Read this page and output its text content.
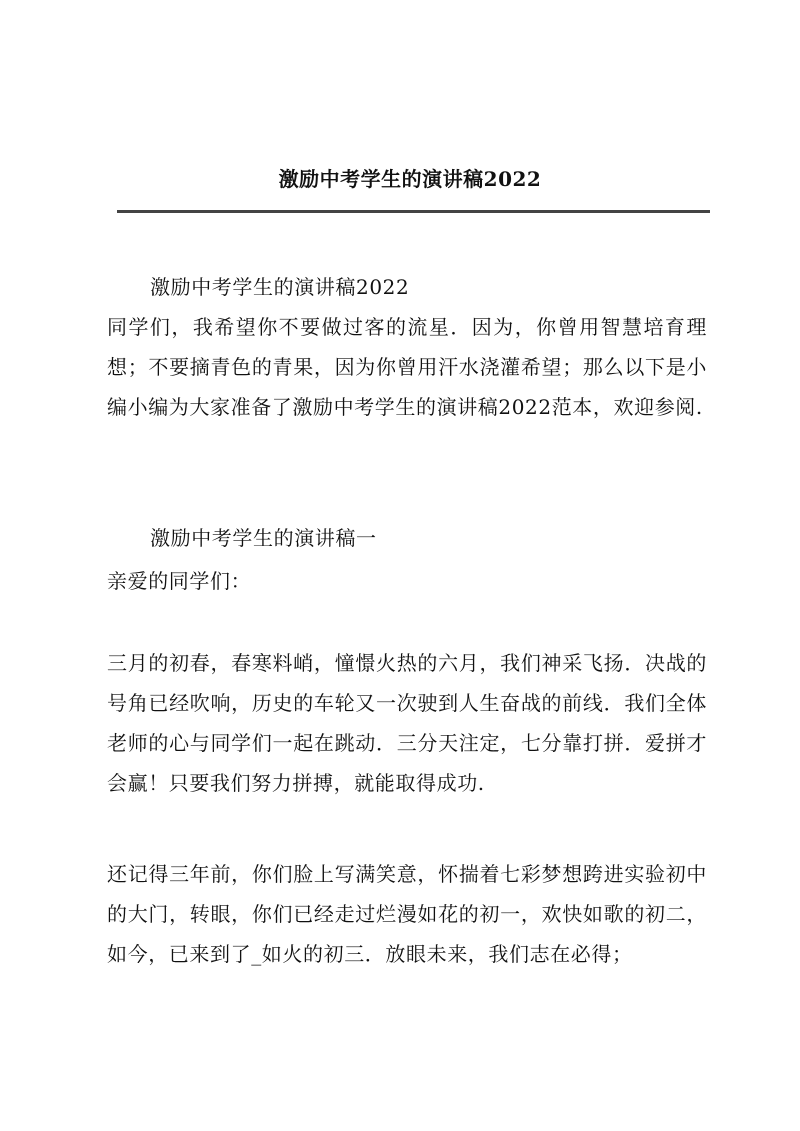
激励中考学生的演讲稿2022

激励中考学生的演讲稿2022

同学们，我希望你不要做过客的流星．因为，你曾用智慧培育理想；不要摘青色的青果，因为你曾用汗水浇灌希望；那么以下是小编小编为大家准备了激励中考学生的演讲稿2022范本，欢迎参阅.

激励中考学生的演讲稿一

亲爱的同学们：

三月的初春，春寒料峭，憧憬火热的六月，我们神采飞扬．决战的号角已经吹响，历史的车轮又一次驶到人生奋战的前线．我们全体老师的心与同学们一起在跳动．三分天注定，七分靠打拼．爱拼才会赢！只要我们努力拼搏，就能取得成功.

还记得三年前，你们脸上写满笑意，怀揣着七彩梦想跨进实验初中的大门，转眼，你们已经走过烂漫如花的初一，欢快如歌的初二，如今，已来到了_如火的初三．放眼未来，我们志在必得；
